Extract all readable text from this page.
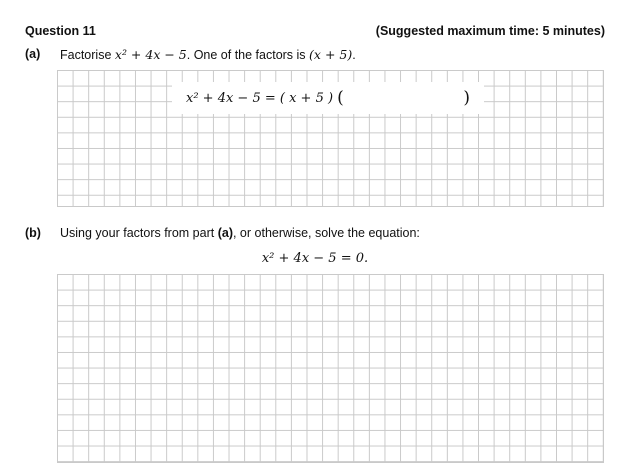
Question 11	(Suggested maximum time: 5 minutes)
(a) Factorise x² + 4x − 5. One of the factors is (x + 5).
x² + 4x − 5 = ( x + 5 ) (	)
(b) Using your factors from part (a), or otherwise, solve the equation:
x² + 4x − 5 = 0.
